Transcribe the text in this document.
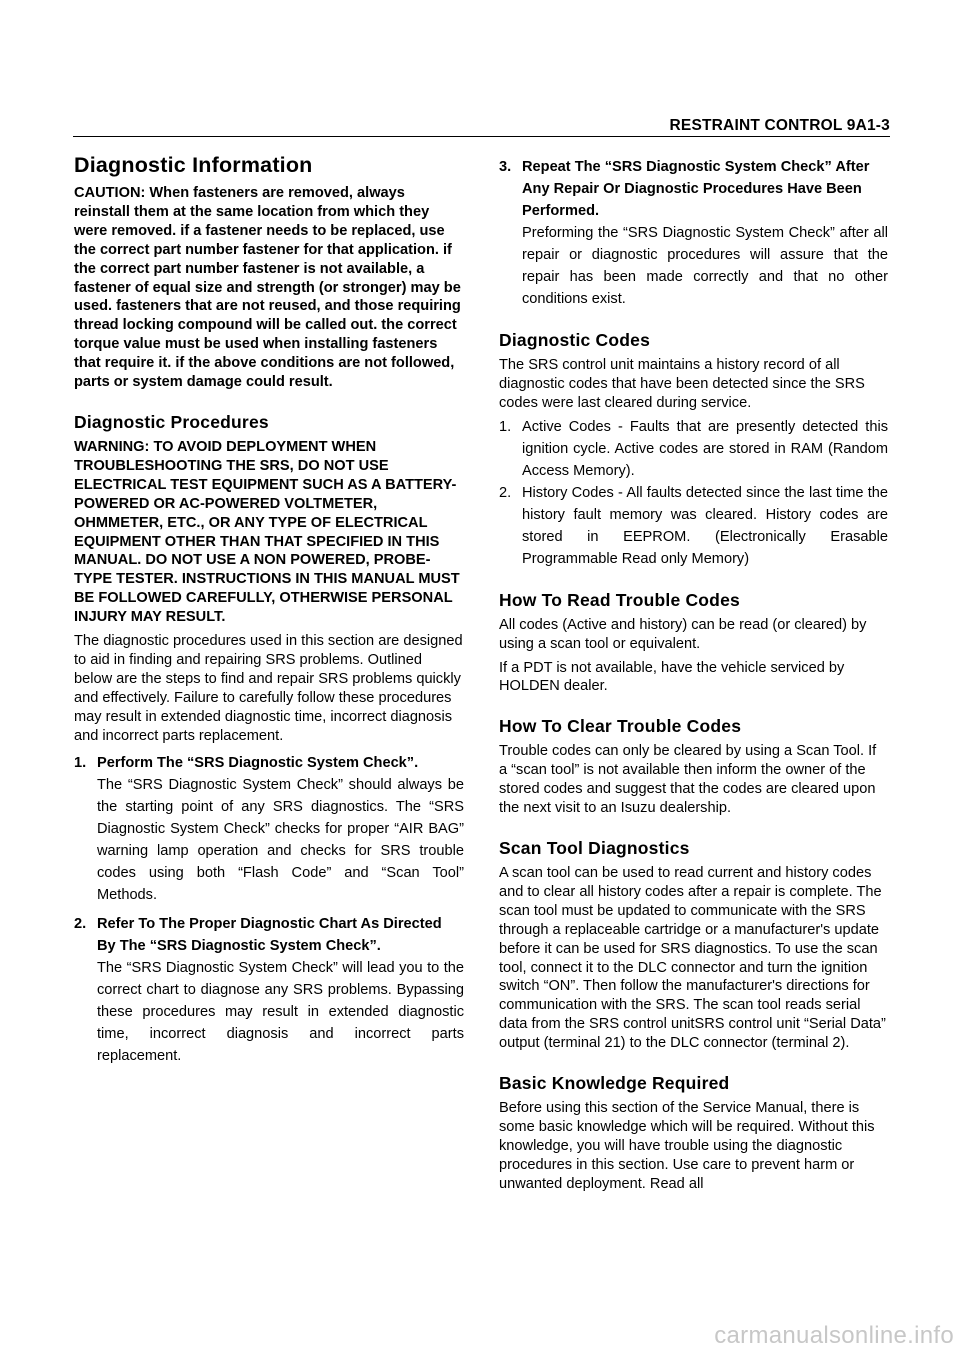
RESTRAINT CONTROL 9A1-3
Diagnostic Information

CAUTION: When fasteners are removed, always reinstall them at the same location from which they were removed. if a fastener needs to be replaced, use the correct part number fastener for that application. if the correct part number fastener is not available, a fastener of equal size and strength (or stronger) may be used. fasteners that are not reused, and those requiring thread locking compound will be called out. the correct torque value must be used when installing fasteners that require it. if the above conditions are not followed, parts or system damage could result.

Diagnostic Procedures

WARNING: TO AVOID DEPLOYMENT WHEN TROUBLESHOOTING THE SRS, DO NOT USE ELECTRICAL TEST EQUIPMENT SUCH AS A BATTERY-POWERED OR AC-POWERED VOLTMETER, OHMMETER, ETC., OR ANY TYPE OF ELECTRICAL EQUIPMENT OTHER THAN THAT SPECIFIED IN THIS MANUAL. DO NOT USE A NON POWERED, PROBE-TYPE TESTER. INSTRUCTIONS IN THIS MANUAL MUST BE FOLLOWED CAREFULLY, OTHERWISE PERSONAL INJURY MAY RESULT.

The diagnostic procedures used in this section are designed to aid in finding and repairing SRS problems. Outlined below are the steps to find and repair SRS problems quickly and effectively. Failure to carefully follow these procedures may result in extended diagnostic time, incorrect diagnosis and incorrect parts replacement.

1. Perform The “SRS Diagnostic System Check”.
The “SRS Diagnostic System Check” should always be the starting point of any SRS diagnostics. The “SRS Diagnostic System Check” checks for proper “AIR BAG” warning lamp operation and checks for SRS trouble codes using both “Flash Code” and “Scan Tool” Methods.
2. Refer To The Proper Diagnostic Chart As Directed By The “SRS Diagnostic System Check”.
The “SRS Diagnostic System Check” will lead you to the correct chart to diagnose any SRS problems. Bypassing these procedures may result in extended diagnostic time, incorrect diagnosis and incorrect parts replacement.
3. Repeat The “SRS Diagnostic System Check” After Any Repair Or Diagnostic Procedures Have Been Performed.
Preforming the “SRS Diagnostic System Check” after all repair or diagnostic procedures will assure that the repair has been made correctly and that no other conditions exist.
Diagnostic Codes

The SRS control unit maintains a history record of all diagnostic codes that have been detected since the SRS codes were last cleared during service.

1. Active Codes - Faults that are presently detected this ignition cycle. Active codes are stored in RAM (Random Access Memory).
2. History Codes - All faults detected since the last time the history fault memory was cleared. History codes are stored in EEPROM. (Electronically Erasable Programmable Read only Memory)
How To Read Trouble Codes

All codes (Active and history) can be read (or cleared) by using a scan tool or equivalent.

If a PDT is not available, have the vehicle serviced by HOLDEN dealer.

How To Clear Trouble Codes

Trouble codes can only be cleared by using a Scan Tool. If a “scan tool” is not available then inform the owner of the stored codes and suggest that the codes are cleared upon the next visit to an Isuzu dealership.

Scan Tool Diagnostics

A scan tool can be used to read current and history codes and to clear all history codes after a repair is complete. The scan tool must be updated to communicate with the SRS through a replaceable cartridge or a manufacturer's update before it can be used for SRS diagnostics. To use the scan tool, connect it to the DLC connector and turn the ignition switch “ON”. Then follow the manufacturer's directions for communication with the SRS. The scan tool reads serial data from the SRS control unitSRS control unit “Serial Data” output (terminal 21) to the DLC connector (terminal 2).

Basic Knowledge Required

Before using this section of the Service Manual, there is some basic knowledge which will be required. Without this knowledge, you will have trouble using the diagnostic procedures in this section. Use care to prevent harm or unwanted deployment. Read all

carmanualsonline.info
